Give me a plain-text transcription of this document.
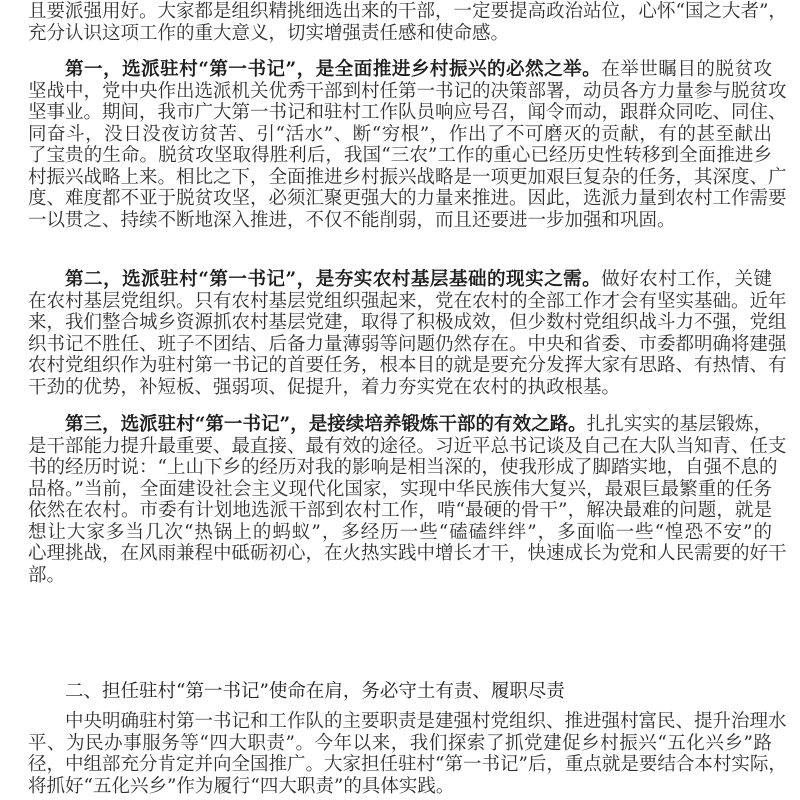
且要派强用好。大家都是组织精挑细选出来的干部，一定要提高政治站位，心怀“国之大者”，
充分认识这项工作的重大意义，切实增强责任感和使命感。
第一，选派驻村“第一书记”，是全面推进乡村振兴的必然之举。在举世瞩目的脱贫攻
坚战中，党中央作出选派机关优秀干部到村任第一书记的决策部署，动员各方力量参与脱贫攻
坚事业。期间，我市广大第一书记和驻村工作队员响应号召，闻令而动，跟群众同吃、同住、
同奋斗，没日没夜访贫苦、引“活水”、断“穷根”，作出了不可磨灭的贡献，有的甚至献出
了宝贵的生命。脱贫攻坚取得胜利后，我国“三农”工作的重心已经历史性转移到全面推进乡
村振兴战略上来。相比之下，全面推进乡村振兴战略是一项更加艰巨复杂的任务，其深度、广
度、难度都不亚于脱贫攻坚，必须汇聚更强大的力量来推进。因此，选派力量到农村工作需要
一以贯之、持续不断地深入推进，不仅不能削弱，而且还要进一步加强和巩固。
第二，选派驻村“第一书记”，是夯实农村基层基础的现实之需。做好农村工作，关键
在农村基层党组织。只有农村基层党组织强起来，党在农村的全部工作才会有坚实基础。近年
来，我们整合城乡资源抓农村基层党建，取得了积极成效，但少数村党组织战斗力不强，党组
织书记不胜任、班子不团结、后备力量薄弱等问题仍然存在。中央和省委、市委都明确将建强
农村党组织作为驻村第一书记的首要任务，根本目的就是要充分发挥大家有思路、有热情、有
干劲的优势，补短板、强弱项、促提升，着力夯实党在农村的执政根基。
第三，选派驻村“第一书记”，是接续培养锻炼干部的有效之路。扎扎实实的基层锻炼，
是干部能力提升最重要、最直接、最有效的途径。习近平总书记谈及自己在大队当知青、任支
书的经历时说：“上山下乡的经历对我的影响是相当深的，使我形成了脚踏实地，自强不息的
品格。”当前，全面建设社会主义现代化国家，实现中华民族伟大复兴，最艰巨最繁重的任务
依然在农村。市委有计划地选派干部到农村工作，啃“最硬的骨干”，解决最难的问题，就是
想让大家多当几次“热锅上的蚂蚁”，多经历一些“磕磕绊绊”，多面临一些“惶恐不安”的
心理挑战，在风雨兼程中砥砺初心，在火热实践中增长才干，快速成长为党和人民需要的好干
部。
中央明确驻村第一书记和工作队的主要职责是建强村党组织、推进强村富民、提升治理水
平、为民办事服务等“四大职责”。今年以来，我们探索了抓党建促乡村振兴“五化兴乡”路
径，中组部充分肯定并向全国推广。大家担任驻村“第一书记”后，重点就是要结合本村实际，
将抓好“五化兴乡”作为履行“四大职责”的具体实践。
二、担任驻村“第一书记”使命在肩，务必守土有责、履职尽责
